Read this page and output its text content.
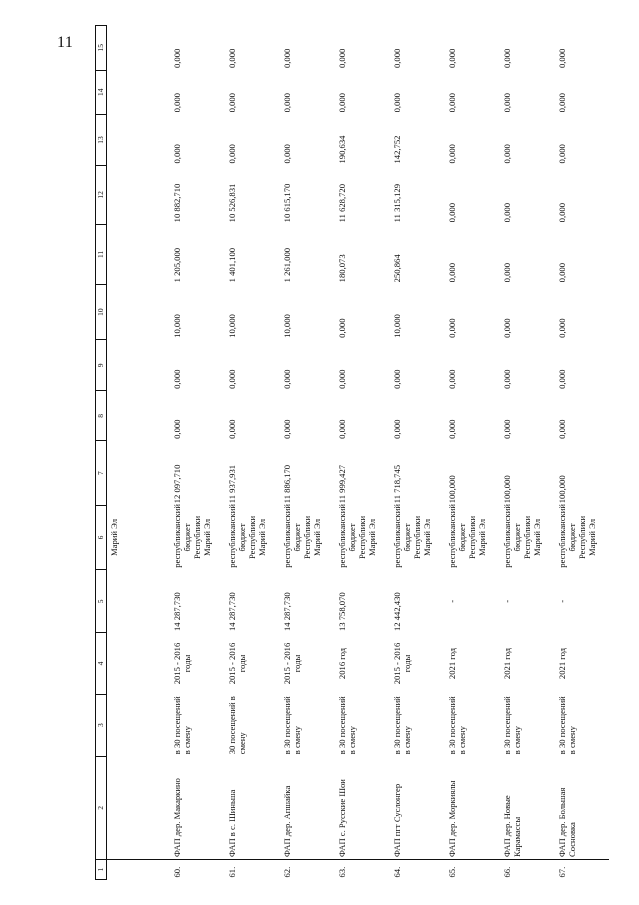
11
1	2	3	4	5	6	7	8	9	10	11	12	13	14	15
					Марий Эл									
60.	ФАП дер. Макаркино	в 30 посещений в смену	2015 - 2016 годы	14 287,730	республиканский бюджет Республики Марий Эл	12 097,710	0,000	0,000	10,000	1 205,000	10 882,710	0,000	0,000	0,000
61.	ФАП в с. Шиньша	30 посещений в смену	2015 - 2016 годы	14 287,730	республиканский бюджет Республики Марий Эл	11 937,931	0,000	0,000	10,000	1 401,100	10 526,831	0,000	0,000	0,000
62.	ФАП дер. Апшайка	в 30 посещений в смену	2015 - 2016 годы	14 287,730	республиканский бюджет Республики Марий Эл	11 886,170	0,000	0,000	10,000	1 261,000	10 615,170	0,000	0,000	0,000
63.	ФАП с. Русские Шои	в 30 посещений в смену	2016 год	13 758,070	республиканский бюджет Республики Марий Эл	11 999,427	0,000	0,000	0,000	180,073	11 628,720	190,634	0,000	0,000
64.	ФАП пгт Суслонгер	в 30 посещений в смену	2015 - 2016 годы	12 442,430	республиканский бюджет Республики Марий Эл	11 718,745	0,000	0,000	10,000	250,864	11 315,129	142,752	0,000	0,000
65.	ФАП дер. Моркиялы	в 30 посещений в смену	2021 год	-	республиканский бюджет Республики Марий Эл	100,000	0,000	0,000	0,000	0,000	0,000	0,000	0,000	0,000
66.	ФАП дер. Новые Карамассы	в 30 посещений в смену	2021 год	-	республиканский бюджет Республики Марий Эл	100,000	0,000	0,000	0,000	0,000	0,000	0,000	0,000	0,000
67.	ФАП дер. Большая Сосновка	в 30 посещений в смену	2021 год	-	республиканский бюджет Республики Марий Эл	100,000	0,000	0,000	0,000	0,000	0,000	0,000	0,000	0,000
